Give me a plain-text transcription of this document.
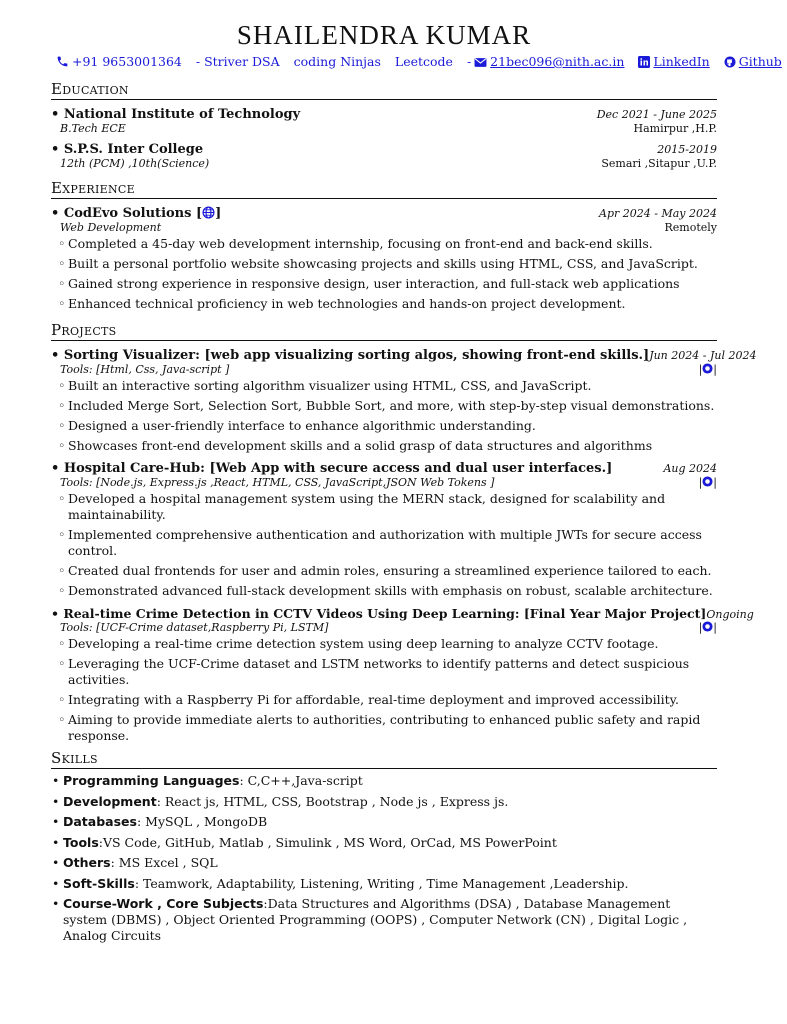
SHAILENDRA KUMAR
+91 9653001364 - Striver DSA coding Ninjas Leetcode - 21bec096@nith.ac.in LinkedIn Github
Education
• National Institute of Technology	Dec 2021 - June 2025
B.Tech ECE	Hamirpur ,H.P.
• S.P.S. Inter College	2015-2019
12th (PCM) ,10th(Science)	Semari ,Sitapur ,U.P.
Experience
• CodEvo Solutions [ ]	Apr 2024 - May 2024
Web Development	Remotely
◦ Completed a 45-day web development internship, focusing on front-end and back-end skills.
◦ Built a personal portfolio website showcasing projects and skills using HTML, CSS, and JavaScript.
◦ Gained strong experience in responsive design, user interaction, and full-stack web applications
◦ Enhanced technical proficiency in web technologies and hands-on project development.
Projects
• Sorting Visualizer: [web app visualizing sorting algos, showing front-end skills.] Jun 2024 - Jul 2024
Tools: [Html, Css, Java-script ]	| |
◦ Built an interactive sorting algorithm visualizer using HTML, CSS, and JavaScript.
◦ Included Merge Sort, Selection Sort, Bubble Sort, and more, with step-by-step visual demonstrations.
◦ Designed a user-friendly interface to enhance algorithmic understanding.
◦ Showcases front-end development skills and a solid grasp of data structures and algorithms
• Hospital Care-Hub: [Web App with secure access and dual user interfaces.]	Aug 2024
Tools: [Node.js, Express.js ,React, HTML, CSS, JavaScript,JSON Web Tokens ]	| |
◦ Developed a hospital management system using the MERN stack, designed for scalability and maintainability.
◦ Implemented comprehensive authentication and authorization with multiple JWTs for secure access control.
◦ Created dual frontends for user and admin roles, ensuring a streamlined experience tailored to each.
◦ Demonstrated advanced full-stack development skills with emphasis on robust, scalable architecture.
• Real-time Crime Detection in CCTV Videos Using Deep Learning: [Final Year Major Project] Ongoing
Tools: [UCF-Crime dataset,Raspberry Pi, LSTM]	| |
◦ Developing a real-time crime detection system using deep learning to analyze CCTV footage.
◦ Leveraging the UCF-Crime dataset and LSTM networks to identify patterns and detect suspicious activities.
◦ Integrating with a Raspberry Pi for affordable, real-time deployment and improved accessibility.
◦ Aiming to provide immediate alerts to authorities, contributing to enhanced public safety and rapid response.
Skills
• Programming Languages: C,C++,Java-script
• Development: React js, HTML, CSS, Bootstrap , Node js , Express js.
• Databases: MySQL , MongoDB
• Tools:VS Code, GitHub, Matlab , Simulink , MS Word, OrCad, MS PowerPoint
• Others: MS Excel , SQL
• Soft-Skills: Teamwork, Adaptability, Listening, Writing , Time Management ,Leadership.
• Course-Work , Core Subjects:Data Structures and Algorithms (DSA) , Database Management system (DBMS) , Object Oriented Programming (OOPS) , Computer Network (CN) , Digital Logic , Analog Circuits
